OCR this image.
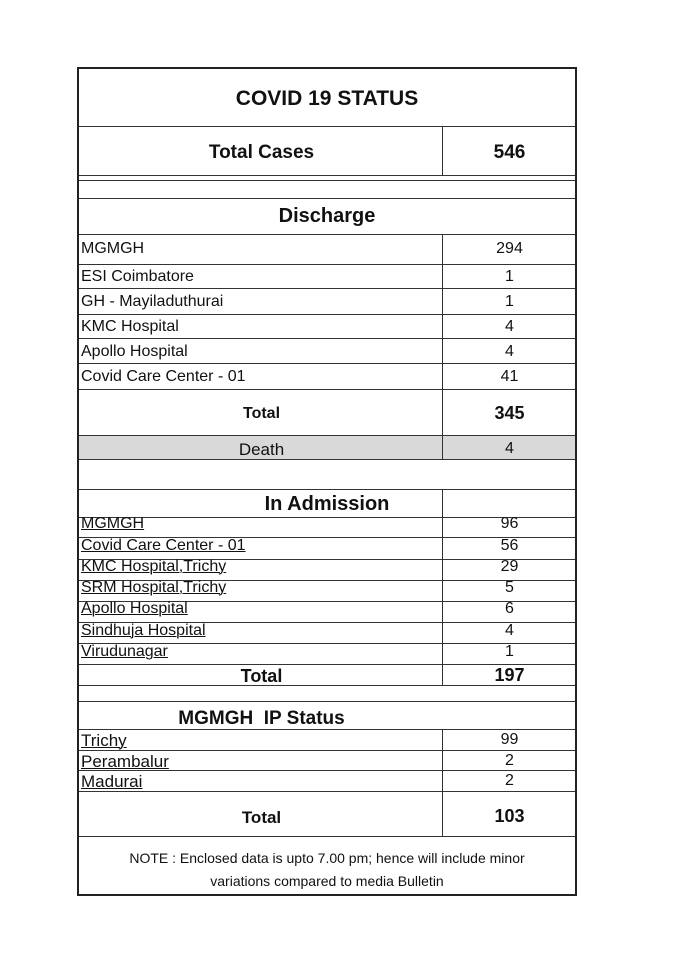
COVID 19 STATUS
Total Cases	546
Discharge
MGMGH	294
ESI Coimbatore	1
GH - Mayiladuthurai	1
KMC Hospital	4
Apollo Hospital	4
Covid Care Center - 01	41
Total	345
Death	4
In Admission
MGMGH	96
Covid Care Center - 01	56
KMC Hospital,Trichy	29
SRM Hospital,Trichy	5
Apollo Hospital	6
Sindhuja Hospital	4
Virudunagar	1
Total	197
MGMGH  IP Status
Trichy	99
Perambalur	2
Madurai	2
Total	103
NOTE : Enclosed data is upto 7.00 pm; hence will include minor
variations compared to media Bulletin
